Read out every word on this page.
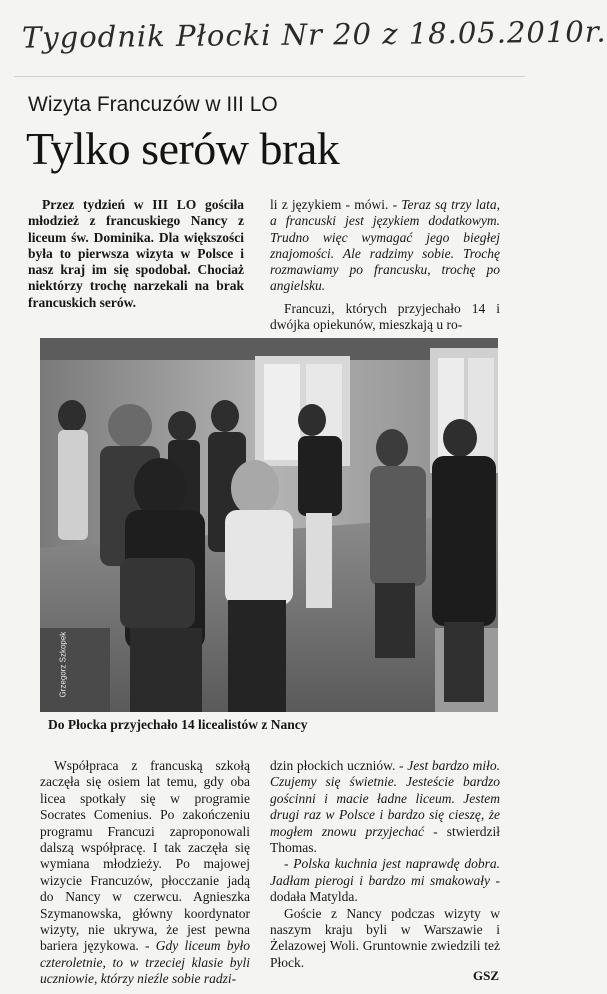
Tygodnik Płocki Nr 20 z 18.05.2010r.
Wizyta Francuzów w III LO
Tylko serów brak
Przez tydzień w III LO gościła młodzież z francuskiego Nancy z liceum św. Dominika. Dla większości była to pierwsza wizyta w Polsce i nasz kraj im się spodobał. Chociaż niektórzy trochę narzekali na brak francuskich serów.

li z językiem - mówi. - Teraz są trzy lata, a francuski jest językiem dodatkowym. Trudno więc wymagać jego biegłej znajomości. Ale radzimy sobie. Trochę rozmawiamy po francusku, trochę po angielsku.

Francuzi, których przyjechało 14 i dwójka opiekunów, mieszkają u ro-

Grzegorz Szkopek
Do Płocka przyjechało 14 licealistów z Nancy
Współpraca z francuską szkołą zaczęła się osiem lat temu, gdy oba licea spotkały się w programie Socrates Comenius. Po zakończeniu programu Francuzi zaproponowali dalszą współpracę. I tak zaczęła się wymiana młodzieży. Po majowej wizycie Francuzów, płocczanie jadą do Nancy w czerwcu. Agnieszka Szymanowska, główny koordynator wizyty, nie ukrywa, że jest pewna bariera językowa. - Gdy liceum było czteroletnie, to w trzeciej klasie byli uczniowie, którzy nieźle sobie radzi-

dzin płockich uczniów. - Jest bardzo miło. Czujemy się świetnie. Jesteście bardzo gościnni i macie ładne liceum. Jestem drugi raz w Polsce i bardzo się cieszę, że mogłem znowu przyjechać - stwierdził Thomas.

- Polska kuchnia jest naprawdę dobra. Jadłam pierogi i bardzo mi smakowały - dodała Matylda.

Goście z Nancy podczas wizyty w naszym kraju byli w Warszawie i Żelazowej Woli. Gruntownie zwiedzili też Płock.

GSZ
